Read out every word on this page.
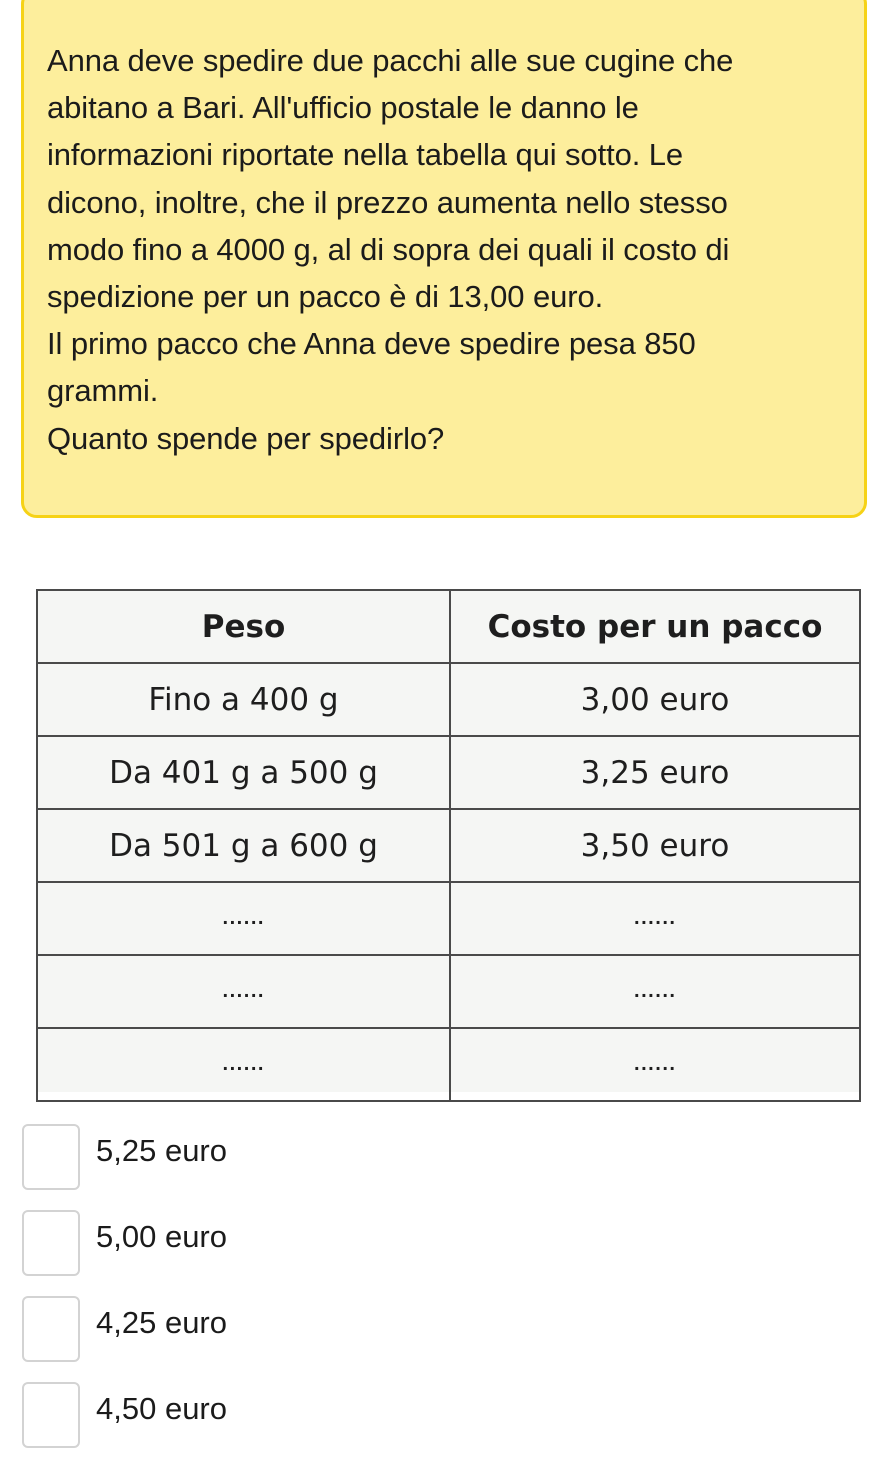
Anna deve spedire due pacchi alle sue cugine che
abitano a Bari. All'ufficio postale le danno le
informazioni riportate nella tabella qui sotto. Le
dicono, inoltre, che il prezzo aumenta nello stesso
modo fino a 4000 g, al di sopra dei quali il costo di
spedizione per un pacco è di 13,00 euro.
Il primo pacco che Anna deve spedire pesa 850
grammi.
Quanto spende per spedirlo?

Peso	Costo per un pacco
Fino a 400 g	3,00 euro
Da 401 g a 500 g	3,25 euro
Da 501 g a 600 g	3,50 euro
......	......
......	......
......	......
5,25 euro
5,00 euro
4,25 euro
4,50 euro
